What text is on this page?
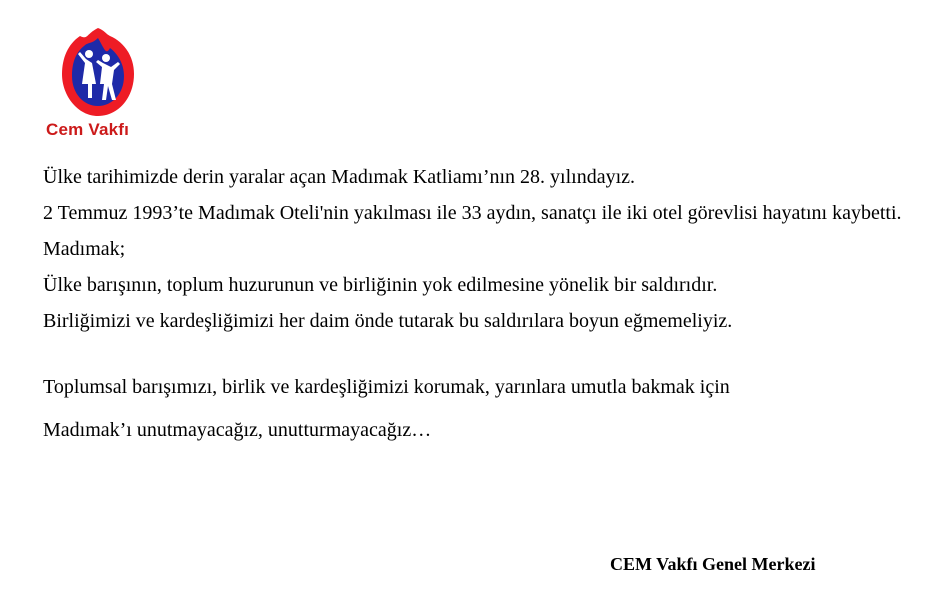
Cem Vakfı

Ülke tarihimizde derin yaralar açan Madımak Katliamı’nın 28. yılındayız.

2 Temmuz 1993’te Madımak Oteli'nin yakılması ile 33 aydın, sanatçı ile iki otel görevlisi hayatını kaybetti.

Madımak;

Ülke barışının, toplum huzurunun ve birliğinin yok edilmesine yönelik bir saldırıdır.

Birliğimizi ve kardeşliğimizi her daim önde tutarak bu saldırılara boyun eğmemeliyiz.

Toplumsal barışımızı, birlik ve kardeşliğimizi korumak, yarınlara umutla bakmak için

Madımak’ı unutmayacağız, unutturmayacağız…

CEM Vakfı Genel Merkezi
